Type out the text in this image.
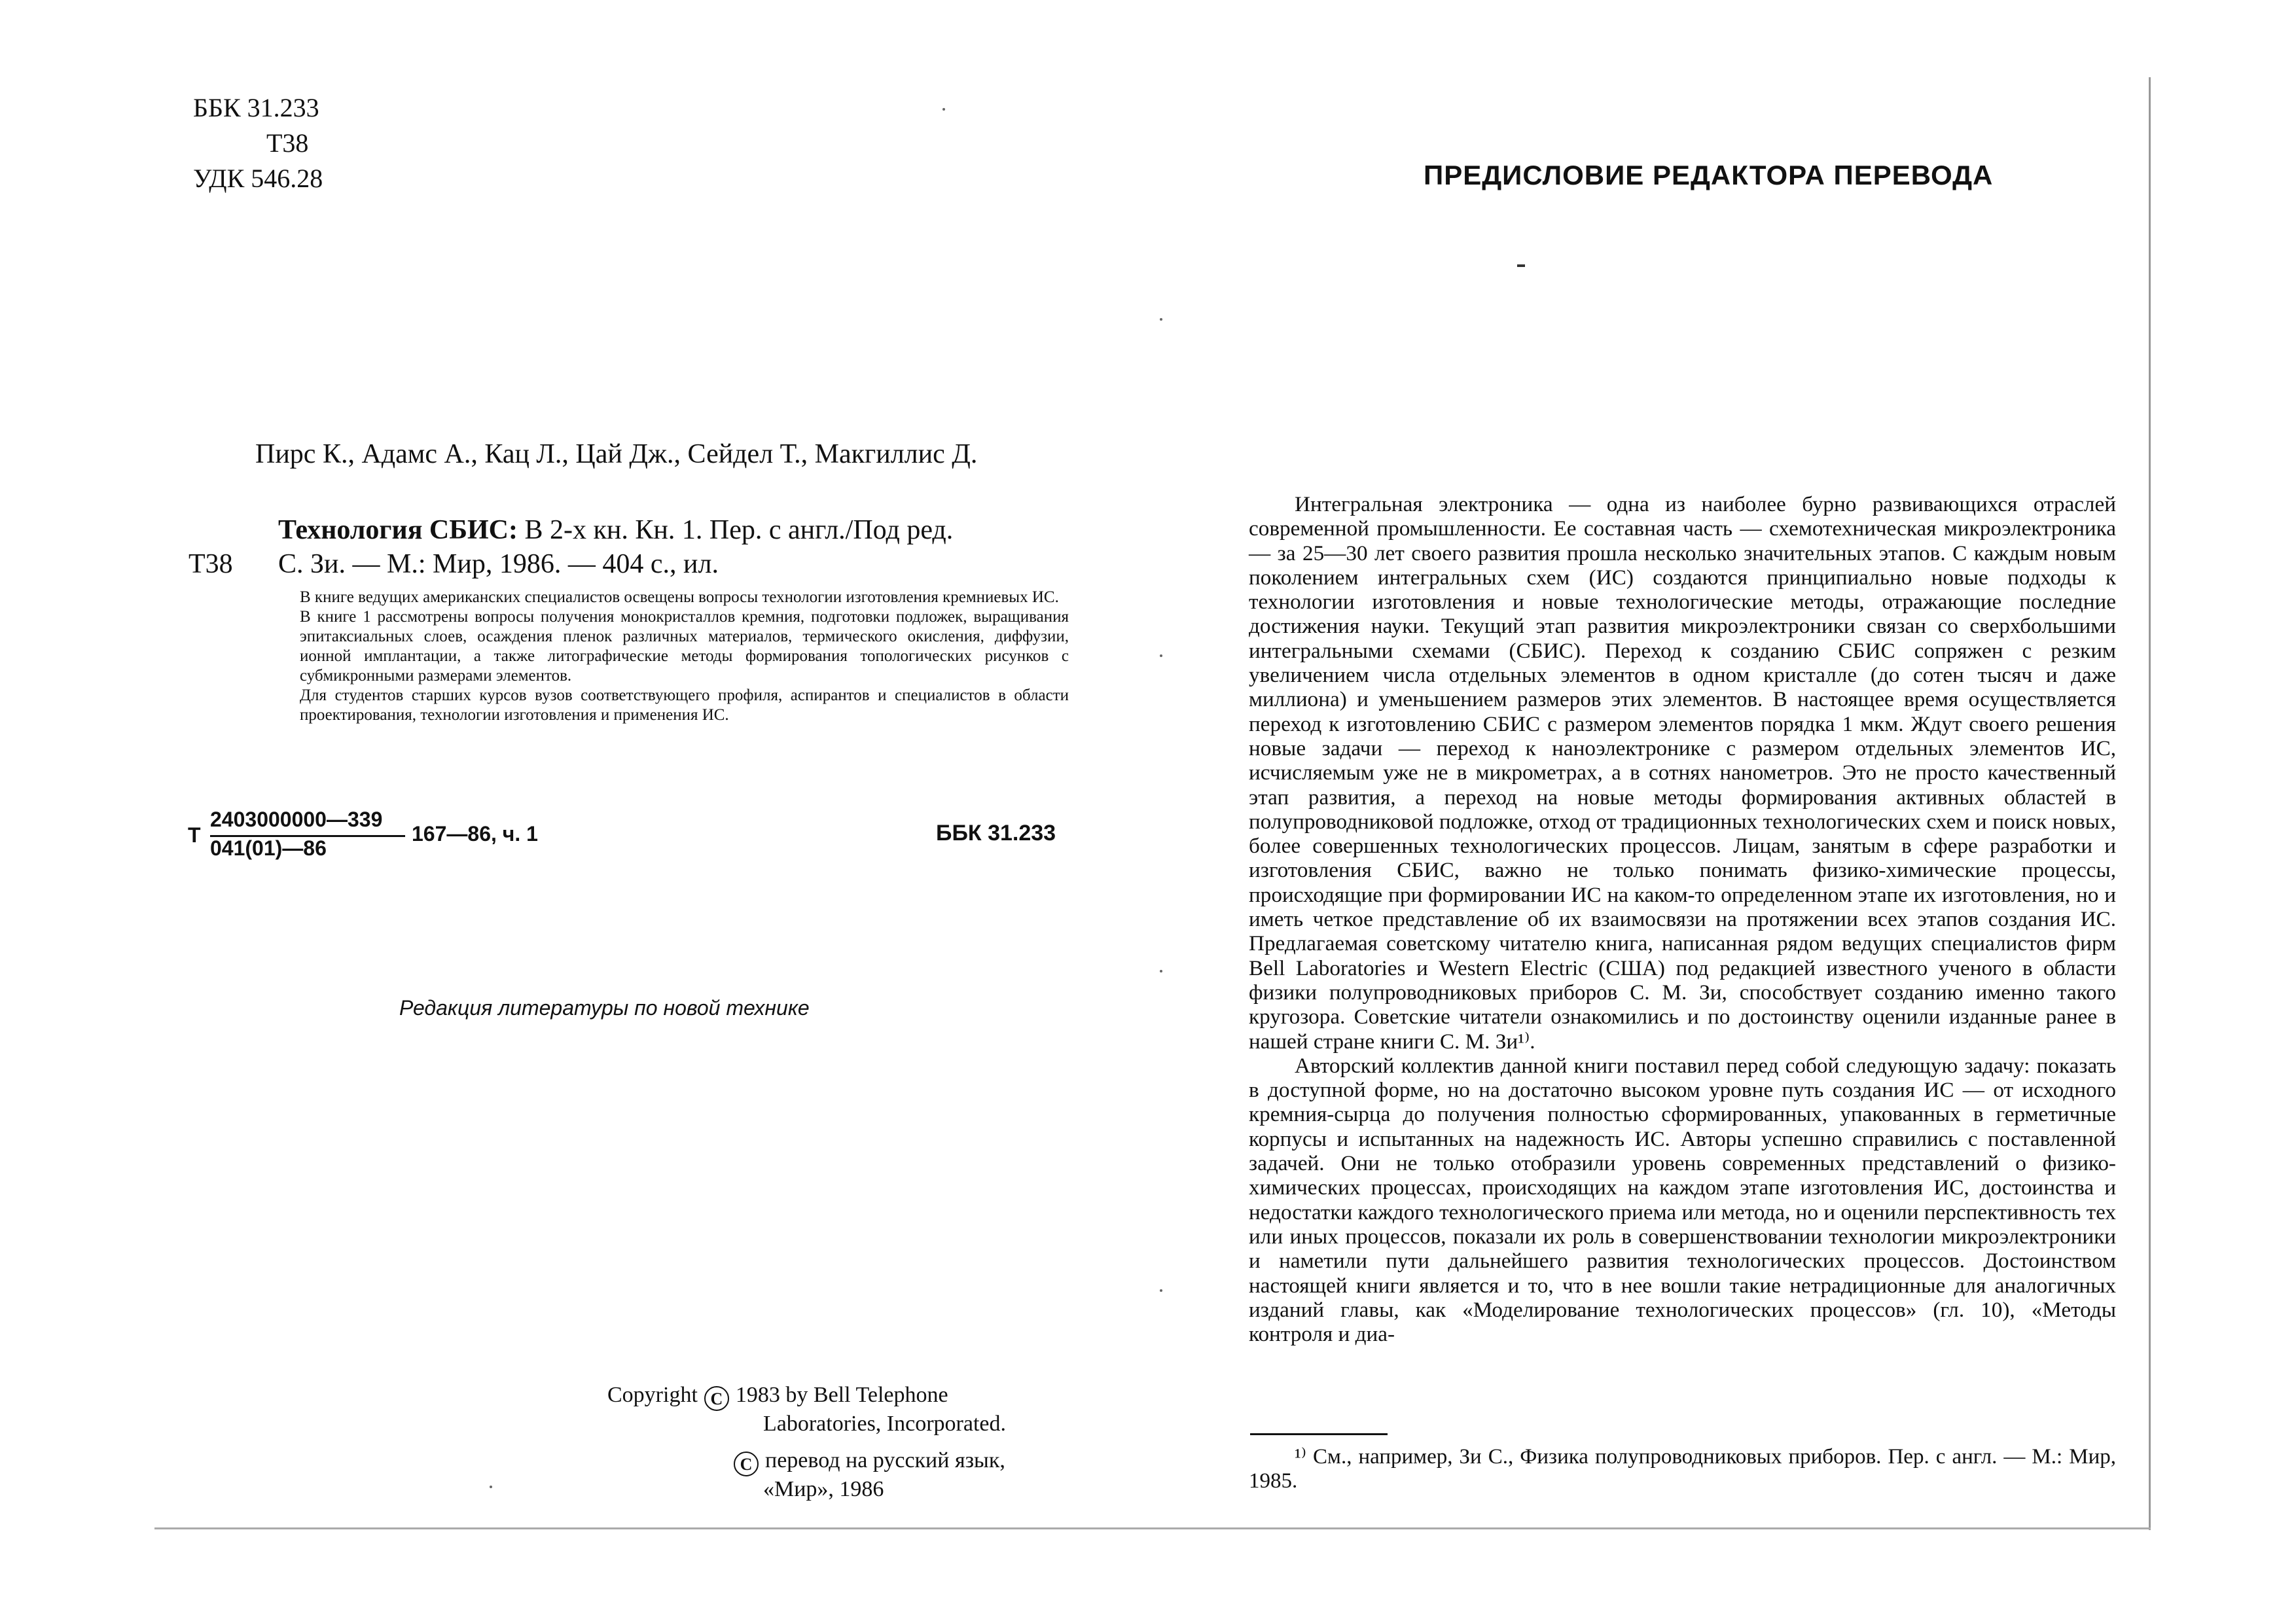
ББК 31.233
Т38
УДК 546.28
Пирс К., Адамс А., Кац Л., Цай Дж., Сейдел Т., Макгиллис Д.
Технология СБИС: В 2-х кн. Кн. 1. Пер. с англ./Под ред.
С. Зи. — М.: Мир, 1986. — 404 с., ил.
Т38

В книге ведущих американских специалистов освещены вопросы технологии изготовления кремниевых ИС.

В книге 1 рассмотрены вопросы получения монокристаллов кремния, подготовки подложек, выращивания эпитаксиальных слоев, осаждения пленок различных материалов, термического окисления, диффузии, ионной имплантации, а также литографические методы формирования топологических рисунков с субмикронными размерами элементов.

Для студентов старших курсов вузов соответствующего профиля, аспирантов и специалистов в области проектирования, технологии изготовления и применения ИС.

Т
2403000000—339
041(01)—86
167—86, ч. 1	ББК 31.233
Редакция литературы по новой технике
Copyright C 1983 by Bell Telephone
Laboratories, Incorporated.
C перевод на русский язык,
«Мир», 1986
ПРЕДИСЛОВИЕ РЕДАКТОРА ПЕРЕВОДА

Интегральная электроника — одна из наиболее бурно развивающихся отраслей современной промышленности. Ее составная часть — схемотехническая микроэлектроника — за 25—30 лет своего развития прошла несколько значительных этапов. С каждым новым поколением интегральных схем (ИС) создаются принципиально новые подходы к технологии изготовления и новые технологические методы, отражающие последние достижения науки. Текущий этап развития микроэлектроники связан со сверхбольшими интегральными схемами (СБИС). Переход к созданию СБИС сопряжен с резким увеличением числа отдельных элементов в одном кристалле (до сотен тысяч и даже миллиона) и уменьшением размеров этих элементов. В настоящее время осуществляется переход к изготовлению СБИС с размером элементов порядка 1 мкм. Ждут своего решения новые задачи — переход к наноэлектронике с размером отдельных элементов ИС, исчисляемым уже не в микрометрах, а в сотнях нанометров. Это не просто качественный этап развития, а переход на новые методы формирования активных областей в полупроводниковой подложке, отход от традиционных технологических схем и поиск новых, более совершенных технологических процессов. Лицам, занятым в сфере разработки и изготовления СБИС, важно не только понимать физико-химические процессы, происходящие при формировании ИС на каком-то определенном этапе их изготовления, но и иметь четкое представление об их взаимосвязи на протяжении всех этапов создания ИС. Предлагаемая советскому читателю книга, написанная рядом ведущих специалистов фирм Bell Laboratories и Western Electric (США) под редакцией известного ученого в области физики полупроводниковых приборов С. М. Зи, способствует созданию именно такого кругозора. Советские читатели ознакомились и по достоинству оценили изданные ранее в нашей стране книги С. М. Зи¹⁾.

Авторский коллектив данной книги поставил перед собой следующую задачу: показать в доступной форме, но на достаточно высоком уровне путь создания ИС — от исходного кремния-сырца до получения полностью сформированных, упакованных в герметичные корпусы и испытанных на надежность ИС. Авторы успешно справились с поставленной задачей. Они не только отобразили уровень современных представлений о физико-химических процессах, происходящих на каждом этапе изготовления ИС, достоинства и недостатки каждого технологического приема или метода, но и оценили перспективность тех или иных процессов, показали их роль в совершенствовании технологии микроэлектроники и наметили пути дальнейшего развития технологических процессов. Достоинством настоящей книги является и то, что в нее вошли такие нетрадиционные для аналогичных изданий главы, как «Моделирование технологических процессов» (гл. 10), «Методы контроля и диа-

¹⁾ См., например, Зи С., Физика полупроводниковых приборов. Пер. с англ. — М.: Мир, 1985.
